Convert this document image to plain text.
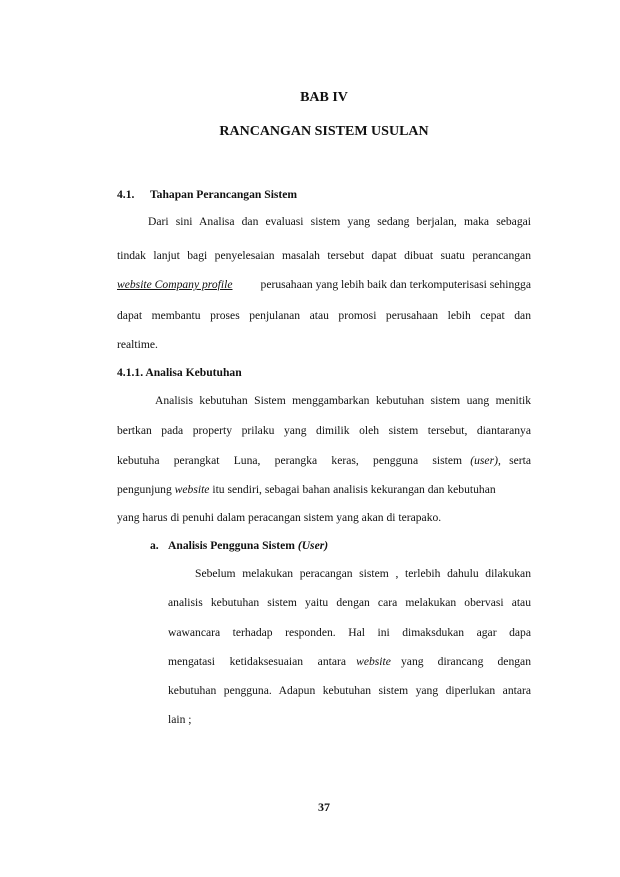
BAB IV
RANCANGAN SISTEM USULAN
4.1. Tahapan Perancangan Sistem
Dari sini Analisa dan evaluasi sistem yang sedang berjalan, maka sebagai
tindak lanjut bagi penyelesaian masalah tersebut dapat dibuat suatu perancangan
website Company profile perusahaan yang lebih baik dan terkomputerisasi sehingga
dapat membantu proses penjulanan atau promosi perusahaan lebih cepat dan
realtime.
4.1.1. Analisa Kebutuhan
Analisis kebutuhan Sistem menggambarkan kebutuhan sistem uang menitik
bertkan pada property prilaku yang dimilik oleh sistem tersebut, diantaranya
kebutuha perangkat Luna, perangka keras, pengguna sistem (user), serta
pengunjung website itu sendiri, sebagai bahan analisis kekurangan dan kebutuhan
yang harus di penuhi dalam peracangan sistem yang akan di terapako.
a. Analisis Pengguna Sistem (User)
Sebelum melakukan peracangan sistem , terlebih dahulu dilakukan
analisis kebutuhan sistem yaitu dengan cara melakukan obervasi atau
wawancara terhadap responden. Hal ini dimaksdukan agar dapa
mengatasi ketidaksesuaian antara website yang dirancang dengan
kebutuhan pengguna. Adapun kebutuhan sistem yang diperlukan antara
lain ;
37
